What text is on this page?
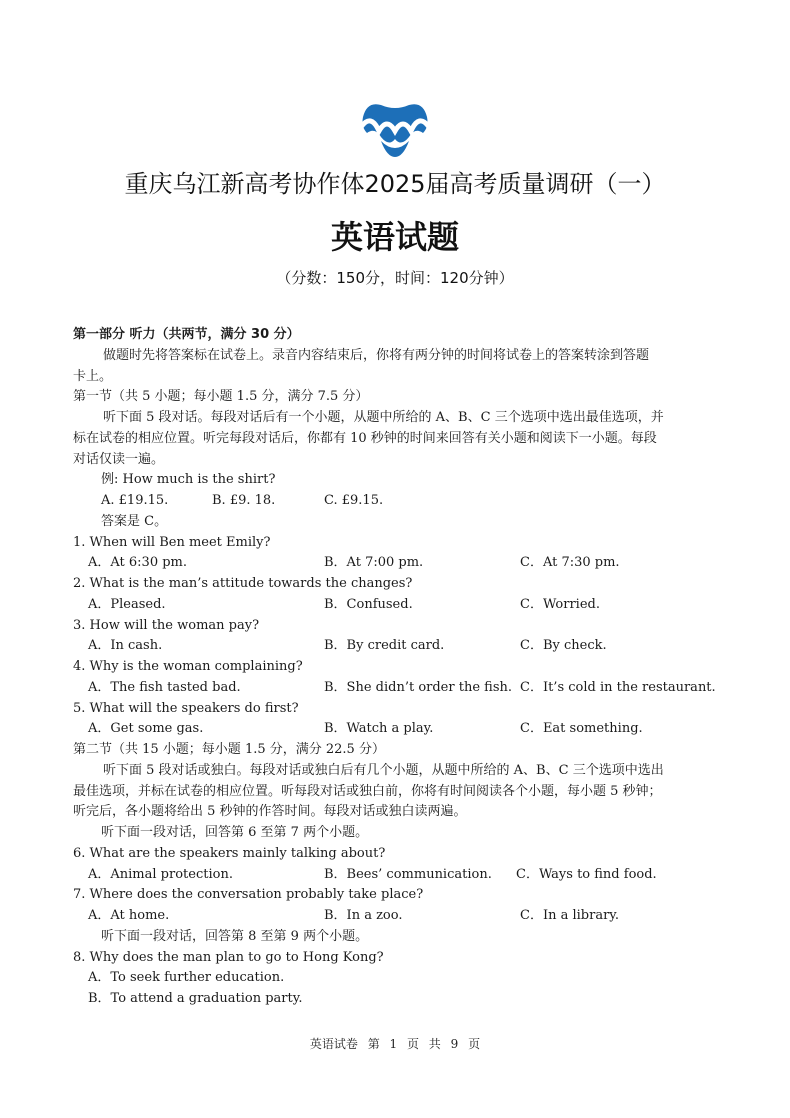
重庆乌江新高考协作体2025届高考质量调研（一）
英语试题
（分数：150分，时间：120分钟）
第一部分 听力（共两节，满分 30 分）
做题时先将答案标在试卷上。录音内容结束后，你将有两分钟的时间将试卷上的答案转涂到答题
卡上。
第一节（共 5 小题；每小题 1.5 分，满分 7.5 分）
听下面 5 段对话。每段对话后有一个小题，从题中所给的 A、B、C 三个选项中选出最佳选项，并
标在试卷的相应位置。听完每段对话后，你都有 10 秒钟的时间来回答有关小题和阅读下一小题。每段
对话仅读一遍。
例: How much is the shirt?
A. £19.15.	B. £9. 18.	C. £9.15.
答案是 C。
1. When will Ben meet Emily?
A．At 6:30 pm.	B．At 7:00 pm.	C．At 7:30 pm.
2. What is the man’s attitude towards the changes?
A．Pleased.	B．Confused.	C．Worried.
3. How will the woman pay?
A．In cash.	B．By credit card.	C．By check.
4. Why is the woman complaining?
A．The fish tasted bad.	B．She didn’t order the fish. C．It’s cold in the restaurant.
5. What will the speakers do first?
A．Get some gas.	B．Watch a play.	C．Eat something.
第二节（共 15 小题；每小题 1.5 分，满分 22.5 分）
听下面 5 段对话或独白。每段对话或独白后有几个小题，从题中所给的 A、B、C 三个选项中选出
最佳选项，并标在试卷的相应位置。听每段对话或独白前，你将有时间阅读各个小题，每小题 5 秒钟；
听完后，各小题将给出 5 秒钟的作答时间。每段对话或独白读两遍。
听下面一段对话，回答第 6 至第 7 两个小题。
6. What are the speakers mainly talking about?
A．Animal protection.	B．Bees’ communication. C．Ways to find food.
7. Where does the conversation probably take place?
A．At home.	B．In a zoo.	C．In a library.
听下面一段对话，回答第 8 至第 9 两个小题。
8. Why does the man plan to go to Hong Kong?
A．To seek further education.
B．To attend a graduation party.
英语试卷 第 1 页 共 9 页
